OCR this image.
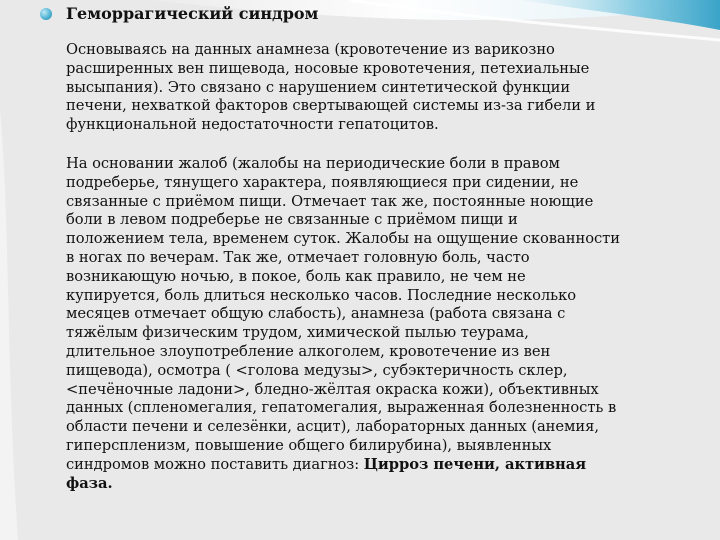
Геморрагический синдром
Основываясь на данных анамнеза (кровотечение из варикозно
расширенных вен пищевода, носовые кровотечения, петехиальные
высыпания). Это связано с нарушением синтетической функции
печени, нехваткой факторов свертывающей системы из-за гибели и
функциональной недостаточности гепатоцитов.
На основании жалоб (жалобы на периодические боли в правом
подреберье, тянущего характера, появляющиеся при сидении, не
связанные с приёмом пищи. Отмечает так же, постоянные ноющие
боли в левом подреберье не связанные с приёмом пищи и
положением тела, временем суток. Жалобы на ощущение скованности
в ногах по вечерам. Так же, отмечает головную боль, часто
возникающую ночью, в покое, боль как правило, не чем не
купируется, боль длиться несколько часов. Последние несколько
месяцев отмечает общую слабость), анамнеза (работа связана с
тяжёлым физическим трудом, химической пылью теурама,
длительное злоупотребление алкоголем, кровотечение из вен
пищевода), осмотра ( <голова медузы>, субэктеричность склер,
<печёночные ладони>, бледно-жёлтая окраска кожи), объективных
данных (спленомегалия, гепатомегалия, выраженная болезненность в
области печени и селезёнки, асцит), лабораторных данных (анемия,
гиперспленизм, повышение общего билирубина), выявленных
синдромов можно поставить диагноз: Цирроз печени, активная
фаза.
